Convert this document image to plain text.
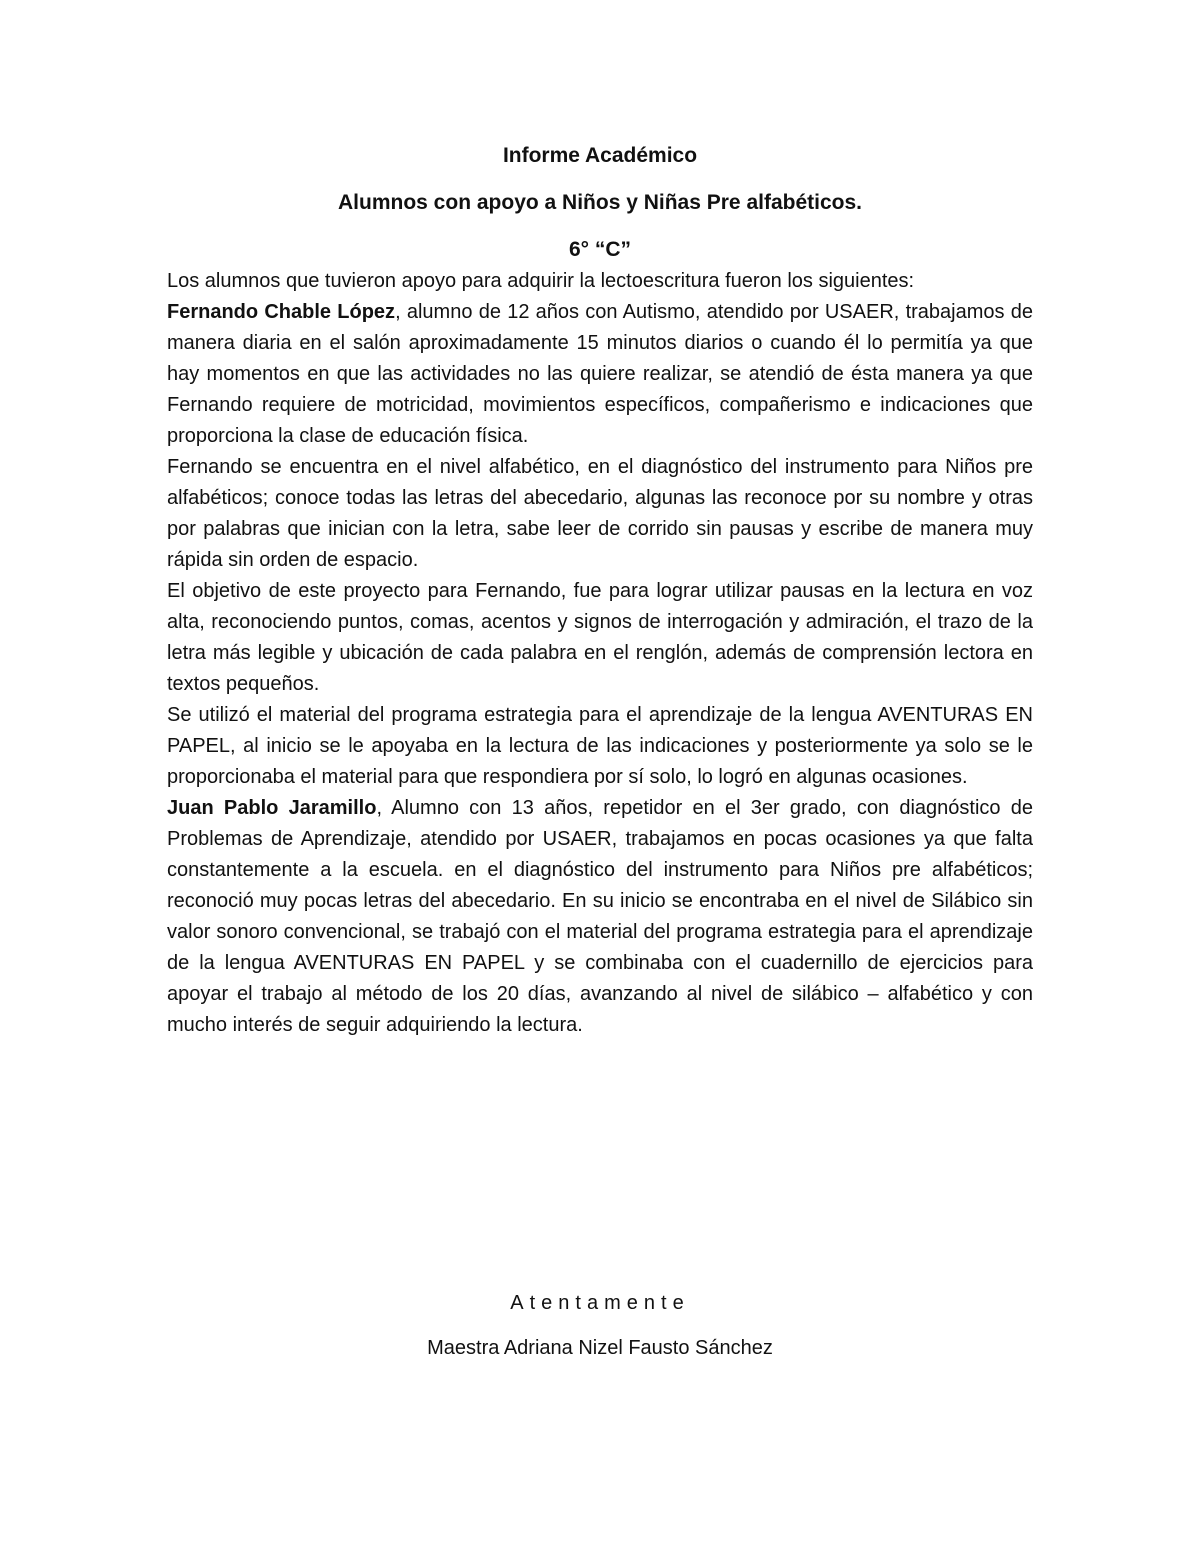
Informe Académico
Alumnos con apoyo a Niños y Niñas Pre alfabéticos.
6° “C”

Los alumnos que tuvieron apoyo para adquirir la lectoescritura fueron los siguientes:

Fernando Chable López, alumno de 12 años con Autismo, atendido por USAER, trabajamos de manera diaria en el salón aproximadamente 15 minutos diarios o cuando él lo permitía ya que hay momentos en que las actividades no las quiere realizar, se atendió de ésta manera ya que Fernando requiere de motricidad, movimientos específicos, compañerismo e indicaciones que proporciona la clase de educación física.

Fernando se encuentra en el nivel alfabético, en el diagnóstico del instrumento para Niños pre alfabéticos; conoce todas las letras del abecedario, algunas las reconoce por su nombre y otras por palabras que inician con la letra, sabe leer de corrido sin pausas y escribe de manera muy rápida sin orden de espacio.

El objetivo de este proyecto para Fernando, fue para lograr utilizar pausas en la lectura en voz alta, reconociendo puntos, comas, acentos y signos de interrogación y admiración, el trazo de la letra más legible y ubicación de cada palabra en el renglón, además de comprensión lectora en textos pequeños.

Se utilizó el material del programa estrategia para el aprendizaje de la lengua AVENTURAS EN PAPEL, al inicio se le apoyaba en la lectura de las indicaciones y posteriormente ya solo se le proporcionaba el material para que respondiera por sí solo, lo logró en algunas ocasiones.

Juan Pablo Jaramillo, Alumno con 13 años, repetidor en el 3er grado, con diagnóstico de Problemas de Aprendizaje, atendido por USAER, trabajamos en pocas ocasiones ya que falta constantemente a la escuela. en el diagnóstico del instrumento para Niños pre alfabéticos; reconoció muy pocas letras del abecedario. En su inicio se encontraba en el nivel de Silábico sin valor sonoro convencional, se trabajó con el material del programa estrategia para el aprendizaje de la lengua AVENTURAS EN PAPEL y se combinaba con el cuadernillo de ejercicios para apoyar el trabajo al método de los 20 días, avanzando al nivel de silábico – alfabético y con mucho interés de seguir adquiriendo la lectura.

Atentamente
Maestra Adriana Nizel Fausto Sánchez
